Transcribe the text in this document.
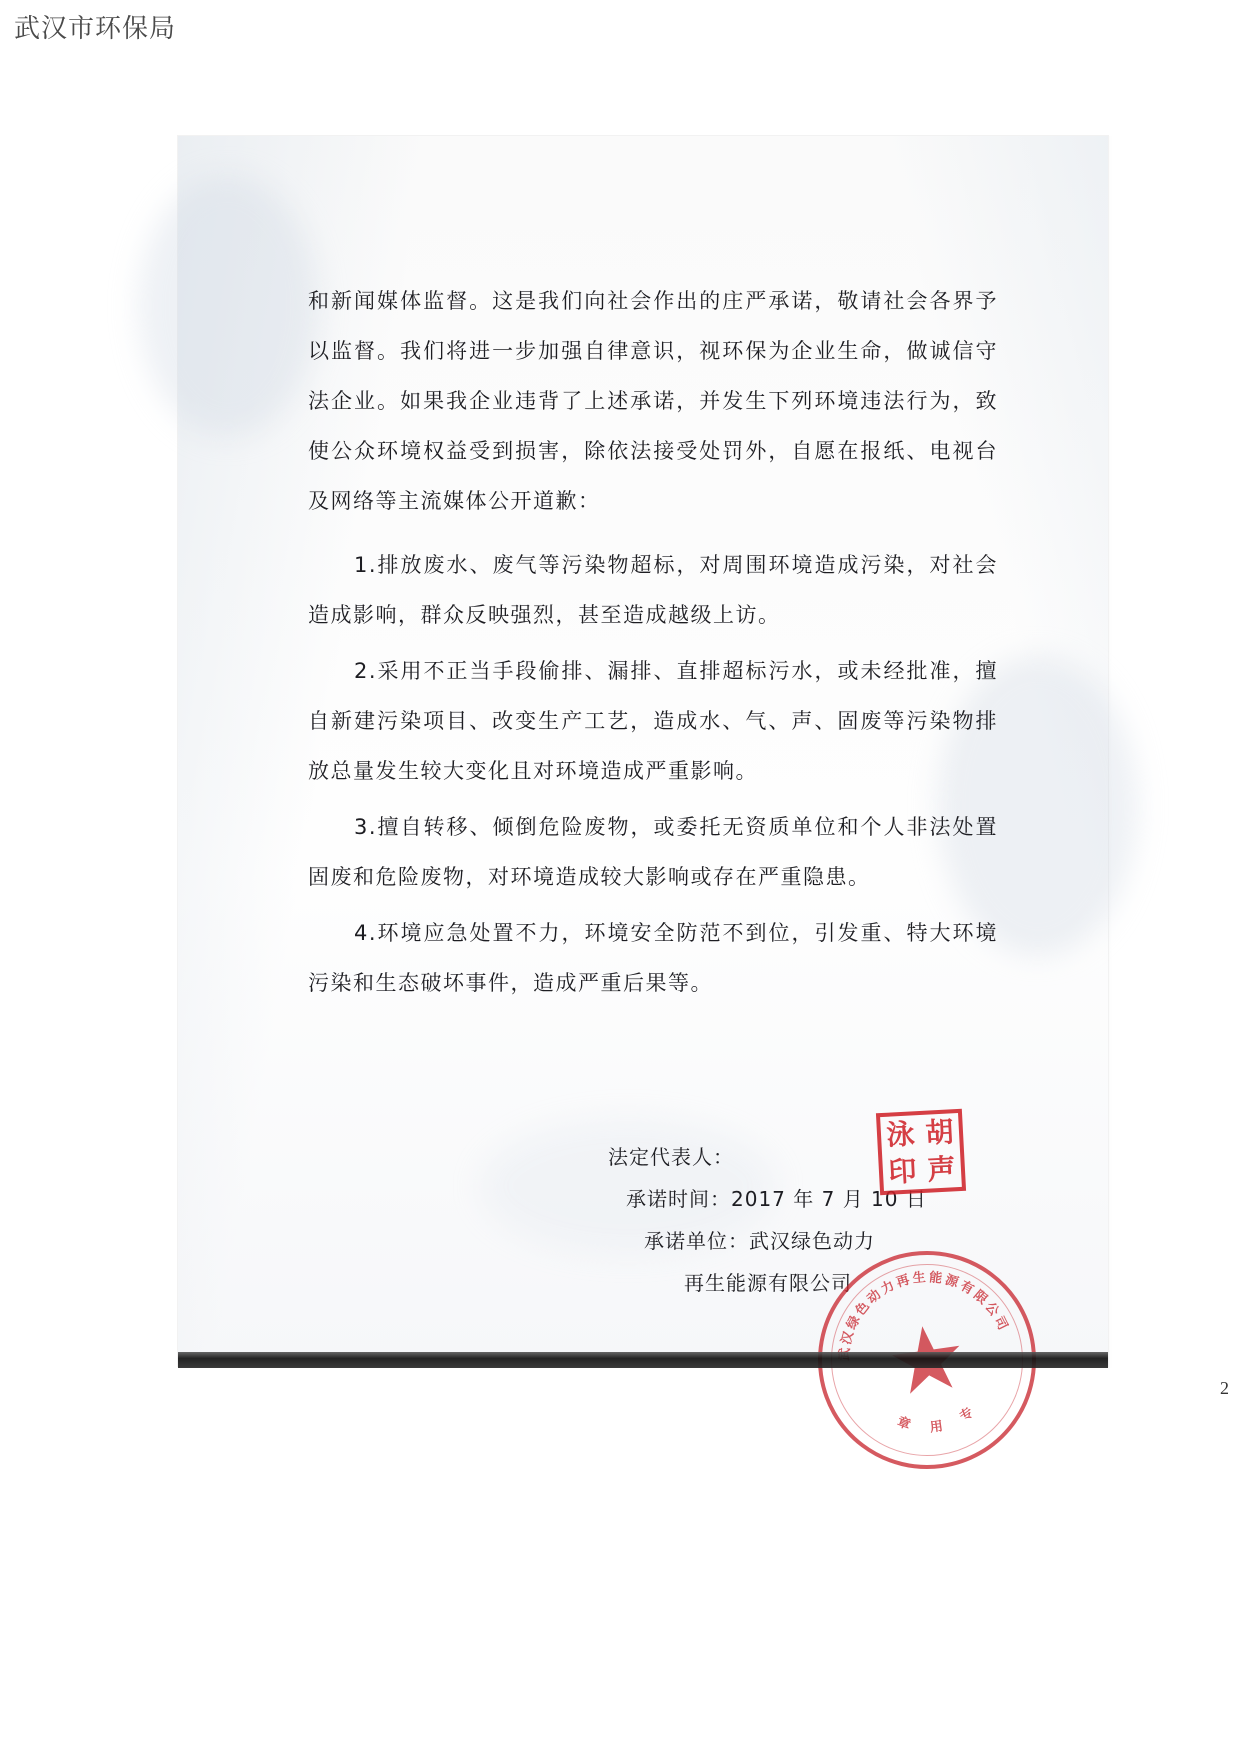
武汉市环保局

和新闻媒体监督。这是我们向社会作出的庄严承诺，敬请社会各界予以监督。我们将进一步加强自律意识，视环保为企业生命，做诚信守法企业。如果我企业违背了上述承诺，并发生下列环境违法行为，致使公众环境权益受到损害，除依法接受处罚外，自愿在报纸、电视台及网络等主流媒体公开道歉：

1.排放废水、废气等污染物超标，对周围环境造成污染，对社会造成影响，群众反映强烈，甚至造成越级上访。

2.采用不正当手段偷排、漏排、直排超标污水，或未经批准，擅自新建污染项目、改变生产工艺，造成水、气、声、固废等污染物排放总量发生较大变化且对环境造成严重影响。

3.擅自转移、倾倒危险废物，或委托无资质单位和个人非法处置固废和危险废物，对环境造成较大影响或存在严重隐患。

4.环境应急处置不力，环境安全防范不到位，引发重、特大环境污染和生态破坏事件，造成严重后果等。

法定代表人：
承诺时间：2017 年 7 月 10 日
承诺单位：武汉绿色动力
再生能源有限公司
泳 胡
印 声
汉
绿
色
动
力
再 生 能 源
有
限
公
司
专
用
章
2
